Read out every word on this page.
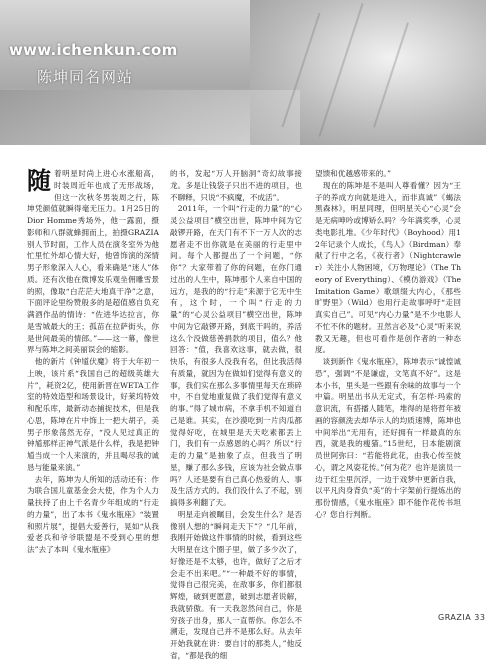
www.ichenkun.com
陈坤同名网站
随 着明星时尚上进心水涨船高，时装周近年也成了无形战场，但这一次秋冬男装周之行，陈坤凭颜值就瞬得毫无压力。1月25日的Dior Homme秀场外，他一露面，摄影师和八群就蜂拥而上，拍摄GRAZIA别人节时面，工作人员在演冬室外为他忙里忙外却心情大好，他曾饰演的深情男子形象深入人心，看来确是“迷人”体质。还有次他在微博发乐观坐佣雕雪景的照，像取“白茫茫大地真干净”之意，下面评论里纷赞般多的是超值感自负充满酒作品的情诗：“佐进华达拉言，你是雪城最大的王；孤苗在拉萨街头，你是世间最美的情郎。”——这一幕，像世界与陈坤之间美丽误会的缩影。
　他的新片《钟馗伏魔》将于大年初一上映，该片系“我国自己的超级英雄大片”，耗资2亿，使用新晋在WETA工作室的特效造型和场景设计，好莱坞特效和配乐库，最新动态捕捉技术，但是我心思，陈坤在片中饰上一把大胡子，美男子形象荡然无存，“没人见过真正的钟馗那样正神气派是什么样，我是把钟馗当成一个人来演的，并且喝尽我的诚恳与能量来演。”
　去年，陈坤为人所知的活动还有：作为联合国儿童基金会大使，作为个人力量扶持了由上千名青少年组成的“行走的力量”，出了本书《鬼水瓶座》“装置和照片展”，提倡大爱善行，晃如“从我爱老兵和爷爷联盟是不受到心里的想法”去了本叫《鬼水瓶座》

的书，发起“万人开脑洞”奇幻故事接龙。多是让钱袋子只出不进的项目，也不聊释，只说“不疯魔，不成活”。
　2011年，一个叫“行走的力量”的“心灵公益项目”横空出世，陈坤中间为它敲锣开路，在天门有不下一万人次的志愿者走不出你就是在美丽的行走里中间。每个人都提出了一个问题，“你你”？大家带着了你的问题，在你门通过出的人生中，陈坤那个人来自中国的远方，是我的的“行走”来源于它无中生有，这个时，一个叫“行走的力量”的“心灵公益项目”横空出世，陈坤中间为它敲锣开路，到底干吗的，养活这么个没做慈善捐款的项目，值么？他回答：“值，我喜欢这事，就去做，很快乐，有很多人没我有名，但比我活得有质量，就因为在做如们觉得有意义的事，我们实在那么多事情里每天在琐碎中，不自觉地重复做了我们觉得有意义的事。”得了城市病，不拿手机不知道自己是谁。其实，在沙漠吃到一片肉瓜都觉得好吃，在城里是天天吃素都丢上门，我们有一点感恩的心吗？所以“行走的力量”是抽象了点，但我当了明星，赚了那么多钱，应该为社会做点事吗？人还是要有自己真心热爱的人、事及生活方式的。我们没什么了不起，别搞得多利翻了天。
　明星走向被瞩目，会发生什么？是否像别人想的“瞬间走天下”？“几年前，我刚开始做这件事情的时候，看到这些大明星在这个圈子里，做了多少次了，好像还是不太够，也许，做好了之后才会走不出来吧。”“一种最不好的事情，觉得自己很完美，在敌事多，你们都很辉煌，破到更愿意，破到志愿者说解，我就骄傲。有一天我忽然问自己，你是穷孩子出身，那人一直帮你。你怎么不溯走，发现自己并不是那么好。从去年开始我就在讲：要自讨的那类人，”他反省，“都是我的细

望馈和优越感带来的。”
　现在的陈坤是不是叫人尊看懂？因为“王子的养成方向就是进入，而非真诚”《蝎法黑森林》，明星同理，但明星关心“心灵”会是无病呻吟或博矫么吗？今年满奖季，心灵类电影扎堆。《少年时代》（Boyhood）用12年记录个人成长，《鸟人》（Birdman）奉献了行中之名，《夜行者》（Nightcrawler）关注小人物困境，《万物理论》（The Theory of Everything）、《模仿游戏》（The Imitation Game）歌颂缀大内心，《那些旷野里》（Wild）也用行走故事呼吁“走回真实自己”。可见“内心力量”是不少电影人不忙不休的题材。丑然言必及“心灵”听来说教又无趣，但也可看作是创作者的一种态度。
　谈到新作《鬼水瓶座》，陈坤表示“诚惶诚恐”，强调“不是谦虚，文笔真不好”。这是本小书，里头是一些跟有余味的故事与一个中篇。明星出书从无定式，有怎样·玛索的意识流，有搭播人随笔，堆得的是将哲年被画的容颜洗去却华示人的均质速博，陈坤也中间举出“无用有，还好拥有一样最真的东西，就是我的瘦猫。”15世纪，日本能剧演员世阿弥曰：“若能将此花，由我心传至彼心，谓之风姿花传。”何为花？也许是演员一边于红尘里沉浮，一边于戏梦中更新自我，以平凡肉身背负“美”的十字架前行提炼出的那份情感，《鬼水瓶座》即不能作花传书坦心？您自行判断。

GRAZIA 33
